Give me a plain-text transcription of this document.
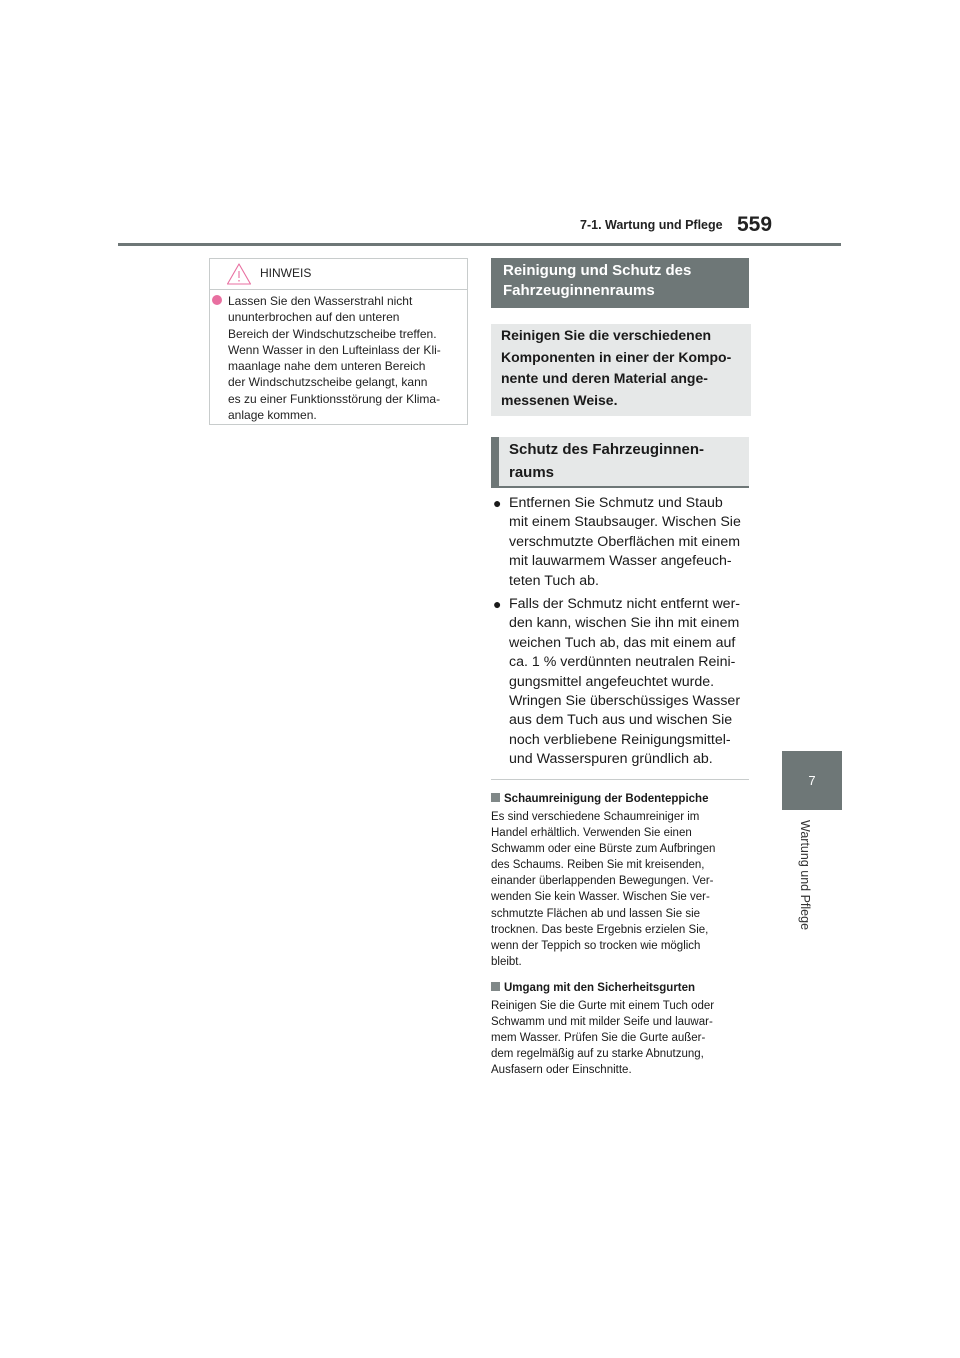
7-1. Wartung und Pflege 559
7
Wartung und Pflege
HINWEIS
Lassen Sie den Wasserstrahl nicht
ununterbrochen auf den unteren
Bereich der Windschutzscheibe treffen.
Wenn Wasser in den Lufteinlass der Kli-
maanlage nahe dem unteren Bereich
der Windschutzscheibe gelangt, kann
es zu einer Funktionsstörung der Klima-
anlage kommen.
Reinigung und Schutz des
Fahrzeuginnenraums
Reinigen Sie die verschiedenen
Komponenten in einer der Kompo-
nente und deren Material ange-
messenen Weise.
Schutz des Fahrzeuginnen-
raums
● Entfernen Sie Schmutz und Staub
mit einem Staubsauger. Wischen Sie
verschmutzte Oberflächen mit einem
mit lauwarmem Wasser angefeuch-
teten Tuch ab.
● Falls der Schmutz nicht entfernt wer-
den kann, wischen Sie ihn mit einem
weichen Tuch ab, das mit einem auf
ca. 1 % verdünnten neutralen Reini-
gungsmittel angefeuchtet wurde.
Wringen Sie überschüssiges Wasser
aus dem Tuch aus und wischen Sie
noch verbliebene Reinigungsmittel-
und Wasserspuren gründlich ab.
Schaumreinigung der Bodenteppiche
Es sind verschiedene Schaumreiniger im
Handel erhältlich. Verwenden Sie einen
Schwamm oder eine Bürste zum Aufbringen
des Schaums. Reiben Sie mit kreisenden,
einander überlappenden Bewegungen. Ver-
wenden Sie kein Wasser. Wischen Sie ver-
schmutzte Flächen ab und lassen Sie sie
trocknen. Das beste Ergebnis erzielen Sie,
wenn der Teppich so trocken wie möglich
bleibt.
Umgang mit den Sicherheitsgurten
Reinigen Sie die Gurte mit einem Tuch oder
Schwamm und mit milder Seife und lauwar-
mem Wasser. Prüfen Sie die Gurte außer-
dem regelmäßig auf zu starke Abnutzung,
Ausfasern oder Einschnitte.
